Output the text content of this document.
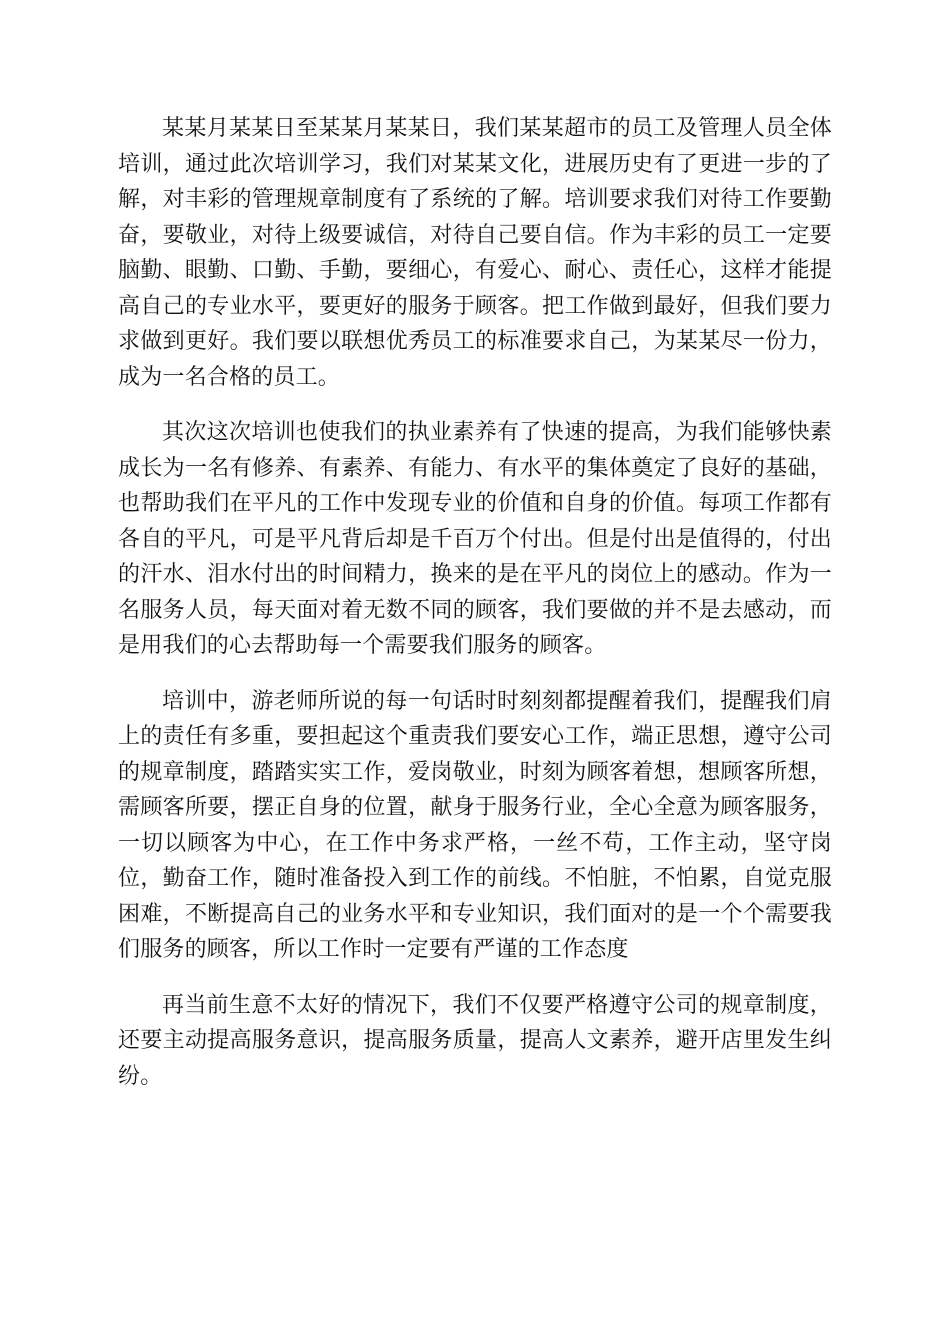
某某月某某日至某某月某某日，我们某某超市的员工及管理人员全体培训，通过此次培训学习，我们对某某文化，进展历史有了更进一步的了解，对丰彩的管理规章制度有了系统的了解。培训要求我们对待工作要勤奋，要敬业，对待上级要诚信，对待自己要自信。作为丰彩的员工一定要脑勤、眼勤、口勤、手勤，要细心，有爱心、耐心、责任心，这样才能提高自己的专业水平，要更好的服务于顾客。把工作做到最好，但我们要力求做到更好。我们要以联想优秀员工的标准要求自己，为某某尽一份力，成为一名合格的员工。

其次这次培训也使我们的执业素养有了快速的提高，为我们能够快素成长为一名有修养、有素养、有能力、有水平的集体奠定了良好的基础，也帮助我们在平凡的工作中发现专业的价值和自身的价值。每项工作都有各自的平凡，可是平凡背后却是千百万个付出。但是付出是值得的，付出的汗水、泪水付出的时间精力，换来的是在平凡的岗位上的感动。作为一名服务人员，每天面对着无数不同的顾客，我们要做的并不是去感动，而是用我们的心去帮助每一个需要我们服务的顾客。

培训中，游老师所说的每一句话时时刻刻都提醒着我们，提醒我们肩上的责任有多重，要担起这个重责我们要安心工作，端正思想，遵守公司的规章制度，踏踏实实工作，爱岗敬业，时刻为顾客着想，想顾客所想，需顾客所要，摆正自身的位置，献身于服务行业，全心全意为顾客服务，一切以顾客为中心，在工作中务求严格，一丝不苟，工作主动，坚守岗位，勤奋工作，随时准备投入到工作的前线。不怕脏，不怕累，自觉克服困难，不断提高自己的业务水平和专业知识，我们面对的是一个个需要我们服务的顾客，所以工作时一定要有严谨的工作态度

再当前生意不太好的情况下，我们不仅要严格遵守公司的规章制度，还要主动提高服务意识，提高服务质量，提高人文素养，避开店里发生纠纷。
